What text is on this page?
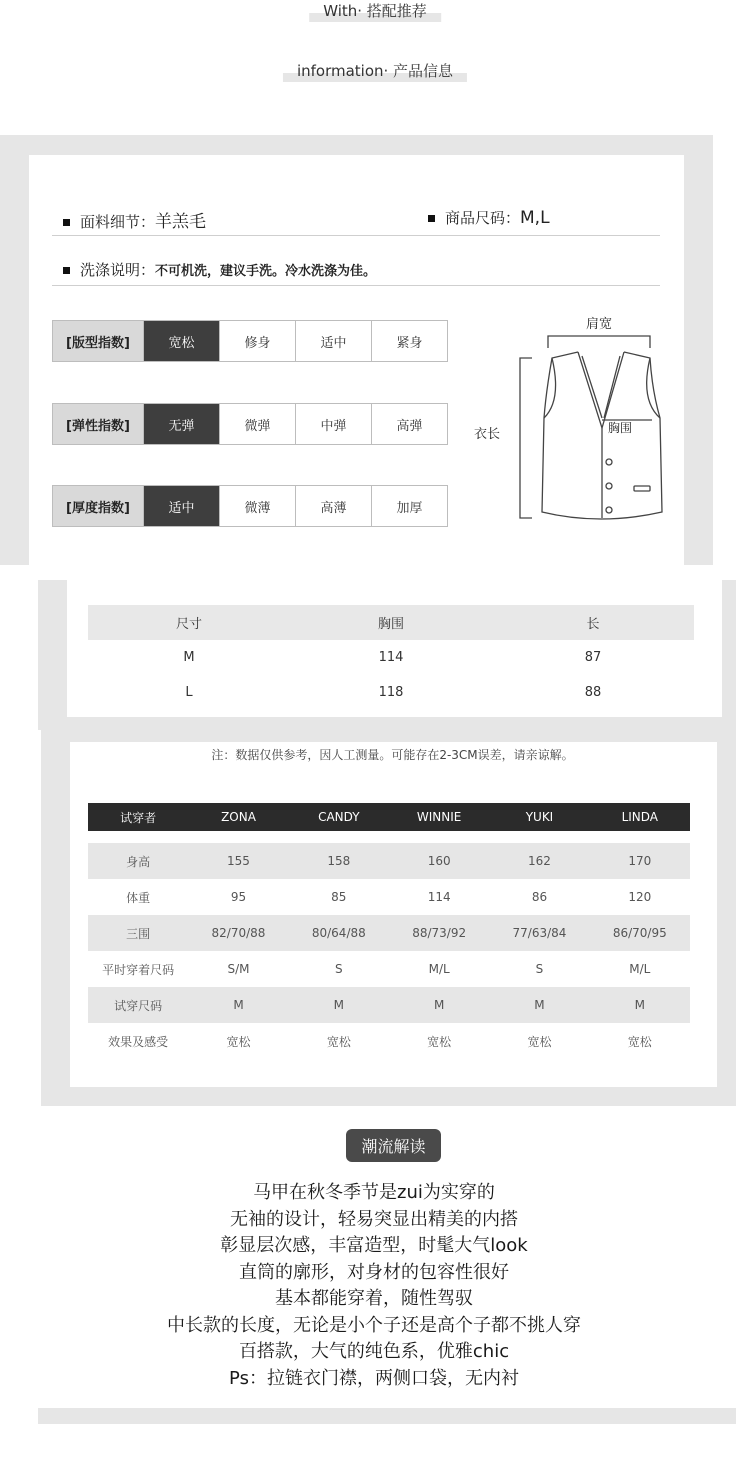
With· 搭配推荐
information· 产品信息
面料细节：羊羔毛	商品尺码：M,L
洗涤说明：不可机洗，建议手洗。冷水洗涤为佳。
[版型指数]	宽松	修身	适中	紧身
[弹性指数]	无弹	微弹	中弹	高弹
[厚度指数]	适中	微薄	高薄	加厚
肩宽
衣长	胸围
尺寸	胸围	长
M	114	87
L	118	88
注：数据仅供参考，因人工测量。可能存在2-3CM误差，请亲谅解。
试穿者	ZONA	CANDY	WINNIE	YUKI	LINDA
身高	155	158	160	162	170
体重	95	85	114	86	120
三围	82/70/88	80/64/88	88/73/92	77/63/84	86/70/95
平时穿着尺码	S/M	S	M/L	S	M/L
试穿尺码	M	M	M	M	M
效果及感受	宽松	宽松	宽松	宽松	宽松
潮流解读
马甲在秋冬季节是zui为实穿的
无袖的设计，轻易突显出精美的内搭
彰显层次感，丰富造型，时髦大气look
直筒的廓形，对身材的包容性很好
基本都能穿着，随性驾驭
中长款的长度，无论是小个子还是高个子都不挑人穿
百搭款，大气的纯色系，优雅chic
Ps：拉链衣门襟，两侧口袋，无内衬
